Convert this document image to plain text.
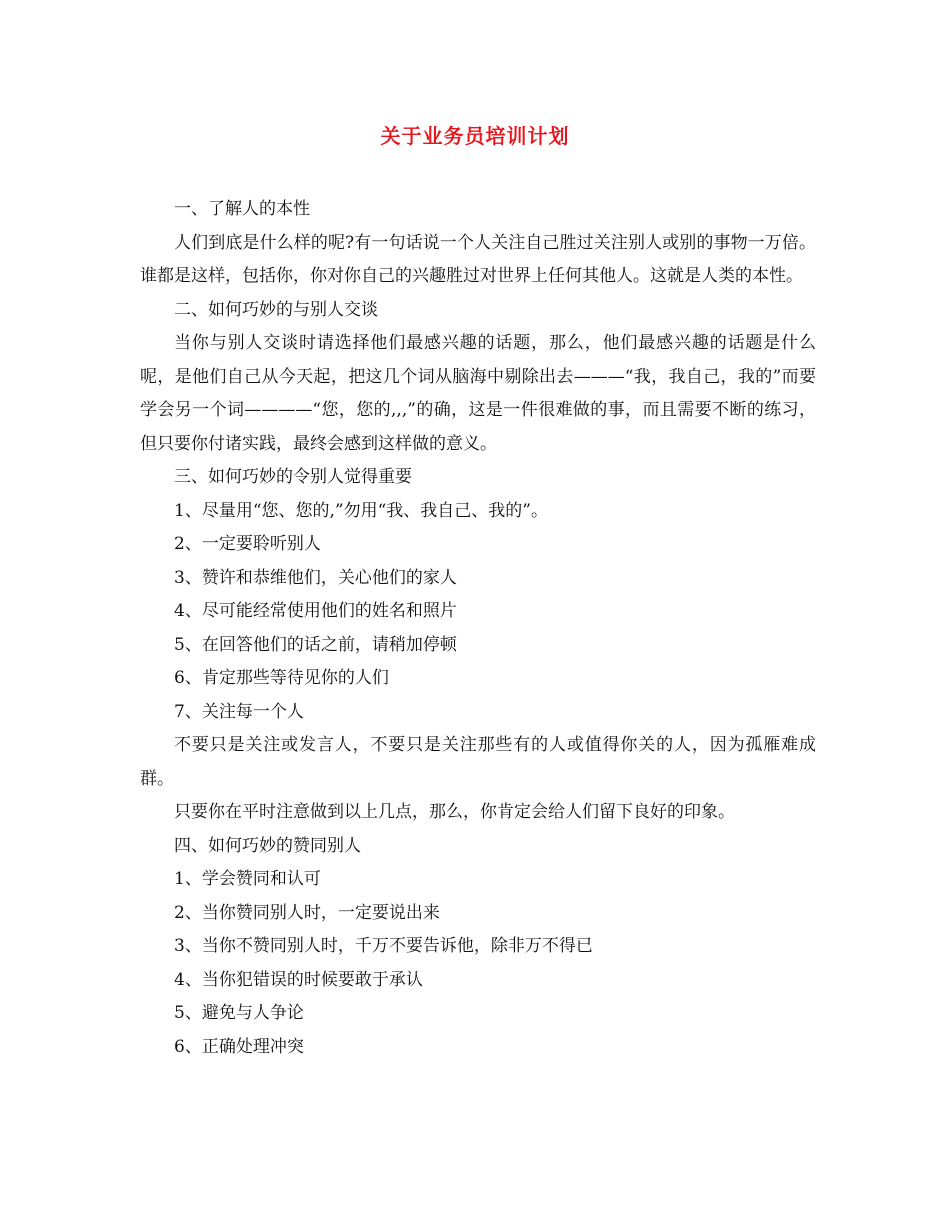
关于业务员培训计划

一、了解人的本性

人们到底是什么样的呢?有一句话说一个人关注自己胜过关注别人或别的事物一万倍。谁都是这样，包括你，你对你自己的兴趣胜过对世界上任何其他人。这就是人类的本性。

二、如何巧妙的与别人交谈

当你与别人交谈时请选择他们最感兴趣的话题，那么，他们最感兴趣的话题是什么呢，是他们自己从今天起，把这几个词从脑海中剔除出去———“我，我自己，我的”而要学会另一个词————“您，您的,,,”的确，这是一件很难做的事，而且需要不断的练习，但只要你付诸实践，最终会感到这样做的意义。

三、如何巧妙的令别人觉得重要

1、尽量用“您、您的,”勿用“我、我自己、我的”。

2、一定要聆听别人

3、赞许和恭维他们，关心他们的家人

4、尽可能经常使用他们的姓名和照片

5、在回答他们的话之前，请稍加停顿

6、肯定那些等待见你的人们

7、关注每一个人

不要只是关注或发言人，不要只是关注那些有的人或值得你关的人，因为孤雁难成群。

只要你在平时注意做到以上几点，那么，你肯定会给人们留下良好的印象。

四、如何巧妙的赞同别人

1、学会赞同和认可

2、当你赞同别人时，一定要说出来

3、当你不赞同别人时，千万不要告诉他，除非万不得已

4、当你犯错误的时候要敢于承认

5、避免与人争论

6、正确处理冲突
